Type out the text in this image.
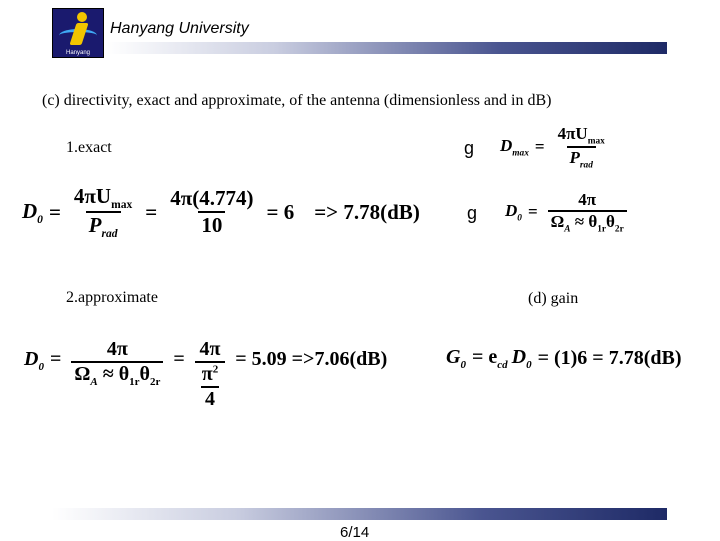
Hanyang
Hanyang University
(c) directivity, exact and approximate, of the antenna (dimensionless and in dB)
1.exact	g $D_{max} = \frac{4\pi U_{max}}{P_{rad}}$
g $D_0 = \frac{4\pi}{\Omega_A \approx \theta_{1r}\theta_{2r}}$
$D_0 = \frac{4\pi U_{max}}{P_{rad}} = \frac{4\pi(4.774)}{10} = 6 => 7.78(dB)$
2.approximate	(d) gain
$D_0 = \frac{4\pi}{\Omega_A \approx \theta_{1r}\theta_{2r}} = 4\pi$
$\pi^2$
4 = 5.09 =>7.06(dB)	$G_0 = e_{cd}$ $D_0 = (1)6 = 7.78(dB)$
6/14
